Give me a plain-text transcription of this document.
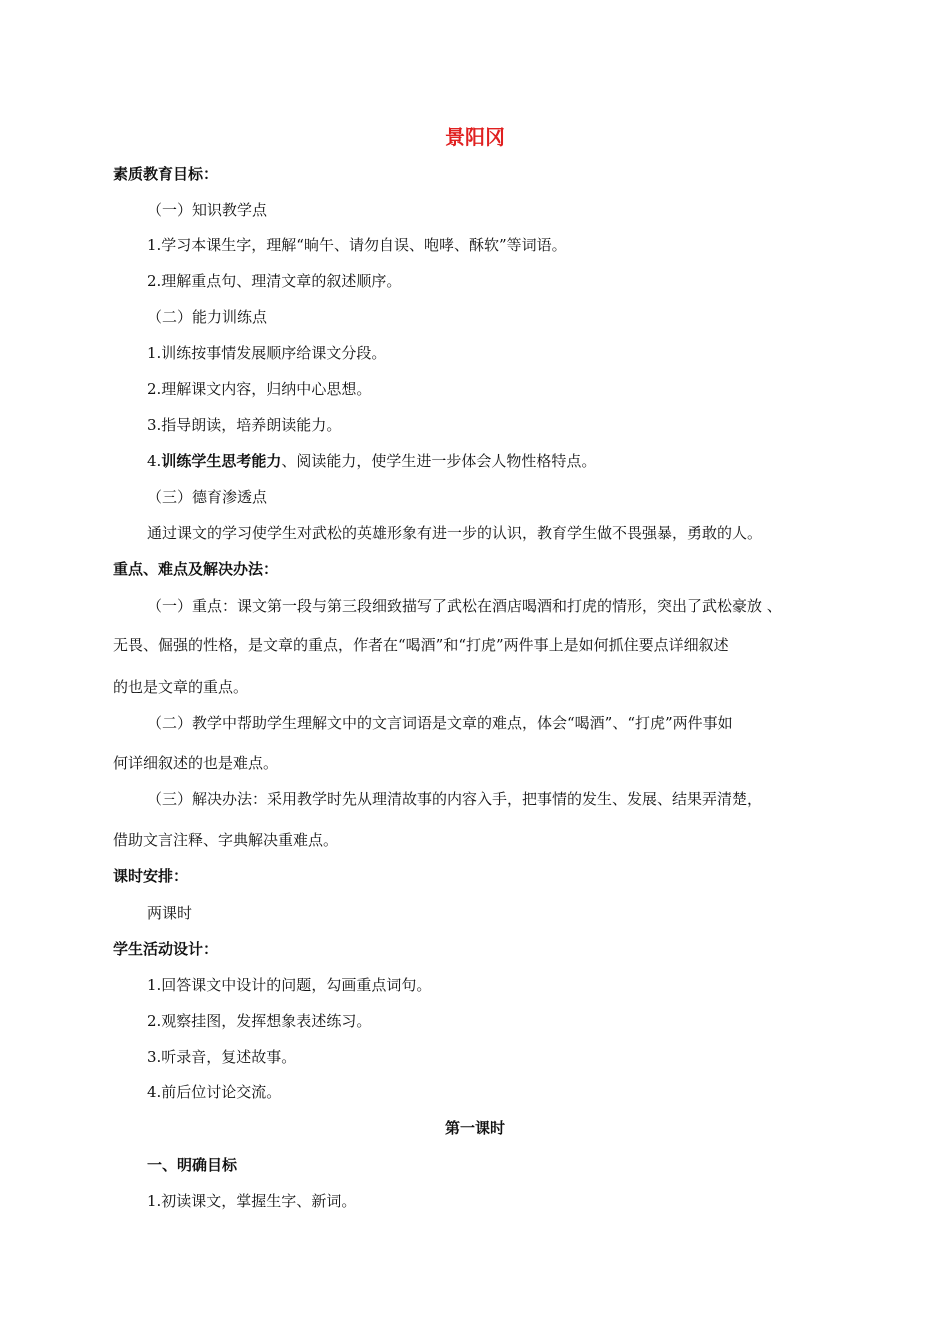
景阳冈
素质教育目标：
（一）知识教学点
1.学习本课生字，理解“晌午、请勿自误、咆哮、酥软”等词语。
2.理解重点句、理清文章的叙述顺序。
（二）能力训练点
1.训练按事情发展顺序给课文分段。
2.理解课文内容，归纳中心思想。
3.指导朗读，培养朗读能力。
4.训练学生思考能力、阅读能力，使学生进一步体会人物性格特点。
（三）德育渗透点
通过课文的学习使学生对武松的英雄形象有进一步的认识，教育学生做不畏强暴，勇敢的人。
重点、难点及解决办法：
（一）重点：课文第一段与第三段细致描写了武松在酒店喝酒和打虎的情形，突出了武松豪放 、
无畏、倔强的性格，是文章的重点，作者在“喝酒”和“打虎”两件事上是如何抓住要点详细叙述
的也是文章的重点。
（二）教学中帮助学生理解文中的文言词语是文章的难点，体会“喝酒”、“打虎”两件事如
何详细叙述的也是难点。
（三）解决办法：采用教学时先从理清故事的内容入手，把事情的发生、发展、结果弄清楚，
借助文言注释、字典解决重难点。
课时安排：
两课时
学生活动设计：
1.回答课文中设计的问题，勾画重点词句。
2.观察挂图，发挥想象表述练习。
3.听录音，复述故事。
4.前后位讨论交流。
第一课时
一、明确目标
1.初读课文，掌握生字、新词。
